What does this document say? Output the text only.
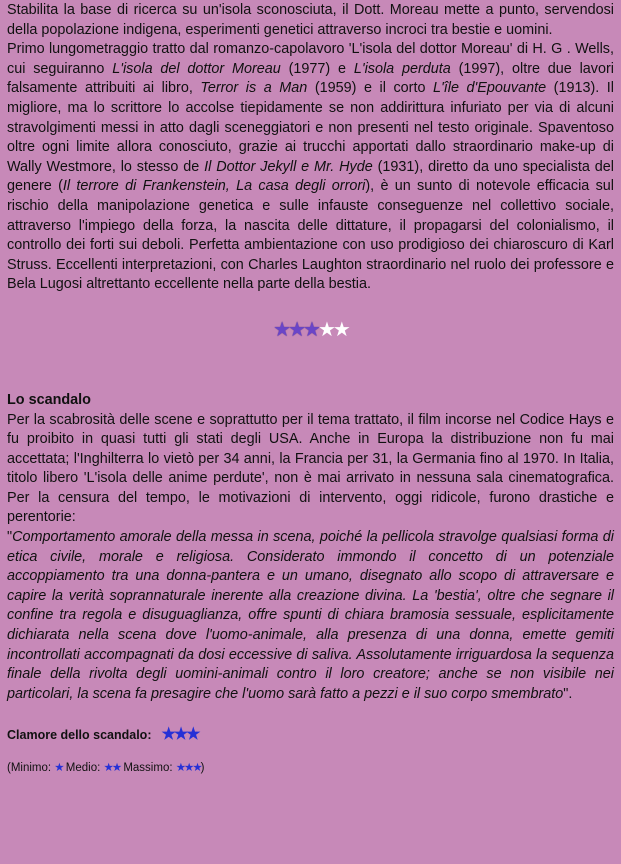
Stabilita la base di ricerca su un'isola sconosciuta, il Dott. Moreau mette a punto, servendosi della popolazione indigena, esperimenti genetici attraverso incroci tra bestie e uomini.
Primo lungometraggio tratto dal romanzo-capolavoro 'L'isola del dottor Moreau' di H. G . Wells, cui seguiranno L'isola del dottor Moreau (1977) e L'isola perduta (1997), oltre due lavori falsamente attribuiti ai libro, Terror is a Man (1959) e il corto L'île d'Epouvante (1913). Il migliore, ma lo scrittore lo accolse tiepidamente se non addirittura infuriato per via di alcuni stravolgimenti messi in atto dagli sceneggiatori e non presenti nel testo originale. Spaventoso oltre ogni limite allora conosciuto, grazie ai trucchi apportati dallo straordinario make-up di Wally Westmore, lo stesso de Il Dottor Jekyll e Mr. Hyde (1931), diretto da uno specialista del genere (Il terrore di Frankenstein, La casa degli orrori), è un sunto di notevole efficacia sul rischio della manipolazione genetica e sulle infauste conseguenze nel collettivo sociale, attraverso l'impiego della forza, la nascita delle dittature, il propagarsi del colonialismo, il controllo dei forti sui deboli. Perfetta ambientazione con uso prodigioso dei chiaroscuro di Karl Struss. Eccellenti interpretazioni, con Charles Laughton straordinario nel ruolo dei professore e Bela Lugosi altrettanto eccellente nella parte della bestia.

★★★★★
Lo scandalo

Per la scabrosità delle scene e soprattutto per il tema trattato, il film incorse nel Codice Hays e fu proibito in quasi tutti gli stati degli USA. Anche in Europa la distribuzione non fu mai accettata; l'Inghilterra lo vietò per 34 anni, la Francia per 31, la Germania fino al 1970. In Italia, titolo libero 'L'isola delle anime perdute', non è mai arrivato in nessuna sala cinematografica. Per la censura del tempo, le motivazioni di intervento, oggi ridicole, furono drastiche e perentorie:
"Comportamento amorale della messa in scena, poiché la pellicola stravolge qualsiasi forma di etica civile, morale e religiosa. Considerato immondo il concetto di un potenziale accoppiamento tra una donna-pantera e un umano, disegnato allo scopo di attraversare e capire la verità soprannaturale inerente alla creazione divina. La 'bestia', oltre che segnare il confine tra regola e disuguaglianza, offre spunti di chiara bramosia sessuale, esplicitamente dichiarata nella scena dove l'uomo-animale, alla presenza di una donna, emette gemiti incontrollati accompagnati da dosi eccessive di saliva. Assolutamente irriguardosa la sequenza finale della rivolta degli uomini-animali contro il loro creatore; anche se non visibile nei particolari, la scena fa presagire che l'uomo sarà fatto a pezzi e il suo corpo smembrato".

Clamore dello scandalo: ★★★
(Minimo: ★ Medio: ★★ Massimo: ★★★)
